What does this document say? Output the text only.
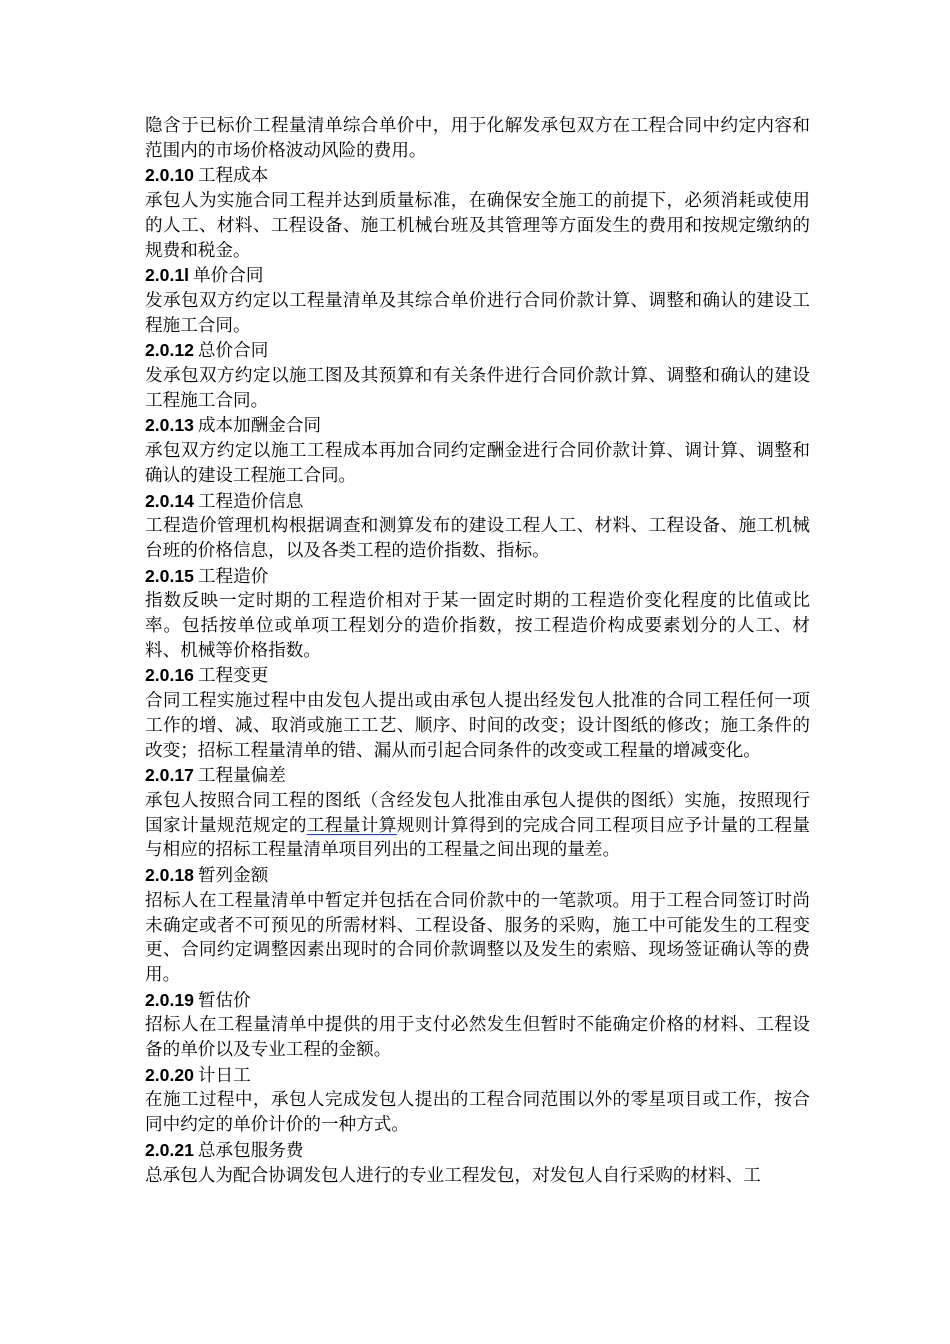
隐含于已标价工程量清单综合单价中，用于化解发承包双方在工程合同中约定内容和范围内的市场价格波动风险的费用。

2.0.10 工程成本

承包人为实施合同工程并达到质量标准，在确保安全施工的前提下，必须消耗或使用的人工、材料、工程设备、施工机械台班及其管理等方面发生的费用和按规定缴纳的规费和税金。

2.0.1l 单价合同

发承包双方约定以工程量清单及其综合单价进行合同价款计算、调整和确认的建设工程施工合同。

2.0.12 总价合同

发承包双方约定以施工图及其预算和有关条件进行合同价款计算、调整和确认的建设工程施工合同。

2.0.13 成本加酬金合同

承包双方约定以施工工程成本再加合同约定酬金进行合同价款计算、调计算、调整和确认的建设工程施工合同。

2.0.14 工程造价信息

工程造价管理机构根据调查和测算发布的建设工程人工、材料、工程设备、施工机械台班的价格信息，以及各类工程的造价指数、指标。

2.0.15 工程造价

指数反映一定时期的工程造价相对于某一固定时期的工程造价变化程度的比值或比率。包括按单位或单项工程划分的造价指数，按工程造价构成要素划分的人工、材料、机械等价格指数。

2.0.16 工程变更

合同工程实施过程中由发包人提出或由承包人提出经发包人批准的合同工程任何一项工作的增、减、取消或施工工艺、顺序、时间的改变；设计图纸的修改；施工条件的改变；招标工程量清单的错、漏从而引起合同条件的改变或工程量的增减变化。

2.0.17 工程量偏差

承包人按照合同工程的图纸（含经发包人批准由承包人提供的图纸）实施，按照现行国家计量规范规定的工程量计算规则计算得到的完成合同工程项目应予计量的工程量与相应的招标工程量清单项目列出的工程量之间出现的量差。

2.0.18 暂列金额

招标人在工程量清单中暂定并包括在合同价款中的一笔款项。用于工程合同签订时尚未确定或者不可预见的所需材料、工程设备、服务的采购，施工中可能发生的工程变更、合同约定调整因素出现时的合同价款调整以及发生的索赔、现场签证确认等的费用。

2.0.19 暂估价

招标人在工程量清单中提供的用于支付必然发生但暂时不能确定价格的材料、工程设备的单价以及专业工程的金额。

2.0.20 计日工

在施工过程中，承包人完成发包人提出的工程合同范围以外的零星项目或工作，按合同中约定的单价计价的一种方式。

2.0.21 总承包服务费

总承包人为配合协调发包人进行的专业工程发包，对发包人自行采购的材料、工
